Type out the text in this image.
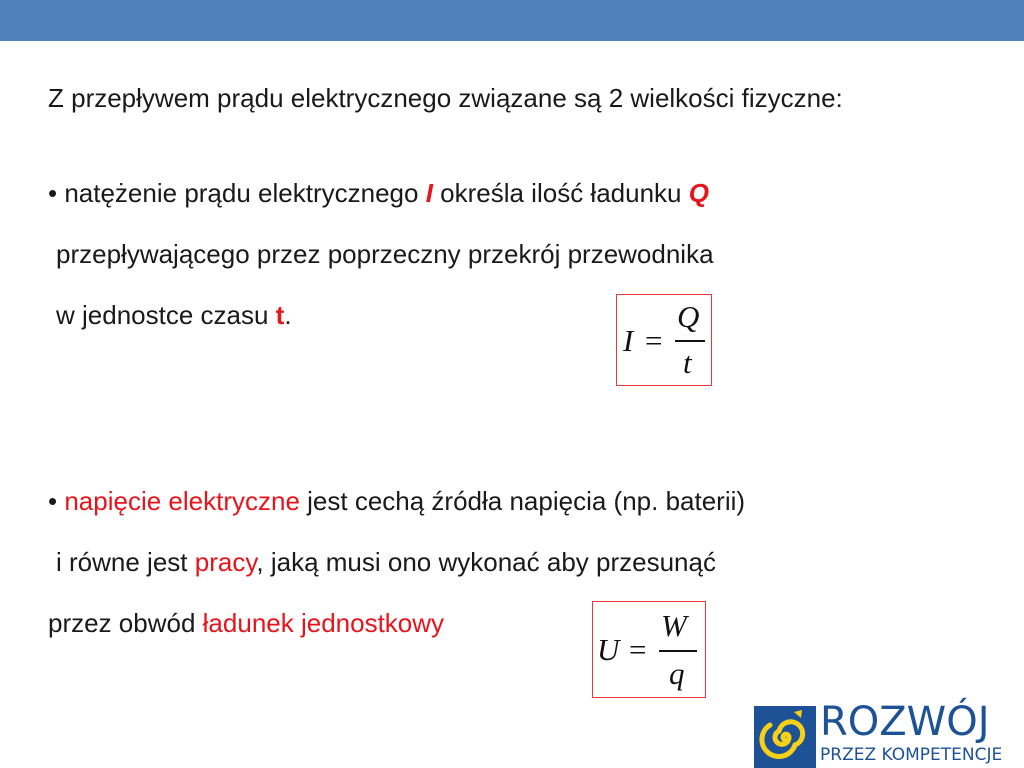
Z przepływem prądu elektrycznego związane są 2 wielkości fizyczne:
• natężenie prądu elektrycznego I określa ilość ładunku Q
przepływającego przez poprzeczny przekrój przewodnika
w jednostce czasu t.
I =
Q
t
• napięcie elektryczne jest cechą źródła napięcia (np. baterii)
i równe jest pracy, jaką musi ono wykonać aby przesunąć
przez obwód ładunek jednostkowy
U =
W
q
ROZWÓJ
PRZEZ KOMPETENCJE
